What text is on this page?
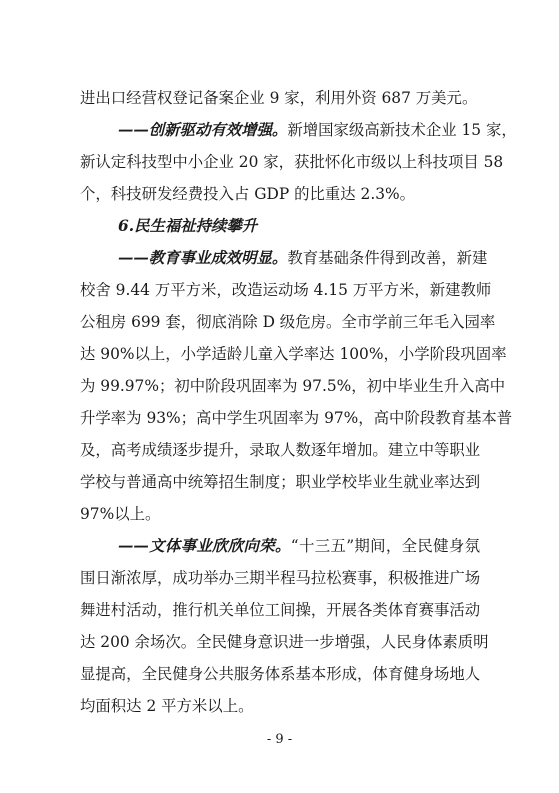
进出口经营权登记备案企业 9 家，利用外资 687 万美元。
——创新驱动有效增强。新增国家级高新技术企业 15 家，
新认定科技型中小企业 20 家，获批怀化市级以上科技项目 58
个，科技研发经费投入占 GDP 的比重达 2.3%。
6.民生福祉持续攀升
——教育事业成效明显。教育基础条件得到改善，新建
校舍 9.44 万平方米，改造运动场 4.15 万平方米，新建教师
公租房 699 套，彻底消除 D 级危房。全市学前三年毛入园率
达 90%以上，小学适龄儿童入学率达 100%，小学阶段巩固率
为 99.97%；初中阶段巩固率为 97.5%，初中毕业生升入高中
升学率为 93%；高中学生巩固率为 97%，高中阶段教育基本普
及，高考成绩逐步提升，录取人数逐年增加。建立中等职业
学校与普通高中统筹招生制度；职业学校毕业生就业率达到
97%以上。
——文体事业欣欣向荣。“十三五”期间，全民健身氛
围日渐浓厚，成功举办三期半程马拉松赛事，积极推进广场
舞进村活动，推行机关单位工间操，开展各类体育赛事活动
达 200 余场次。全民健身意识进一步增强，人民身体素质明
显提高，全民健身公共服务体系基本形成，体育健身场地人
均面积达 2 平方米以上。
- 9 -
